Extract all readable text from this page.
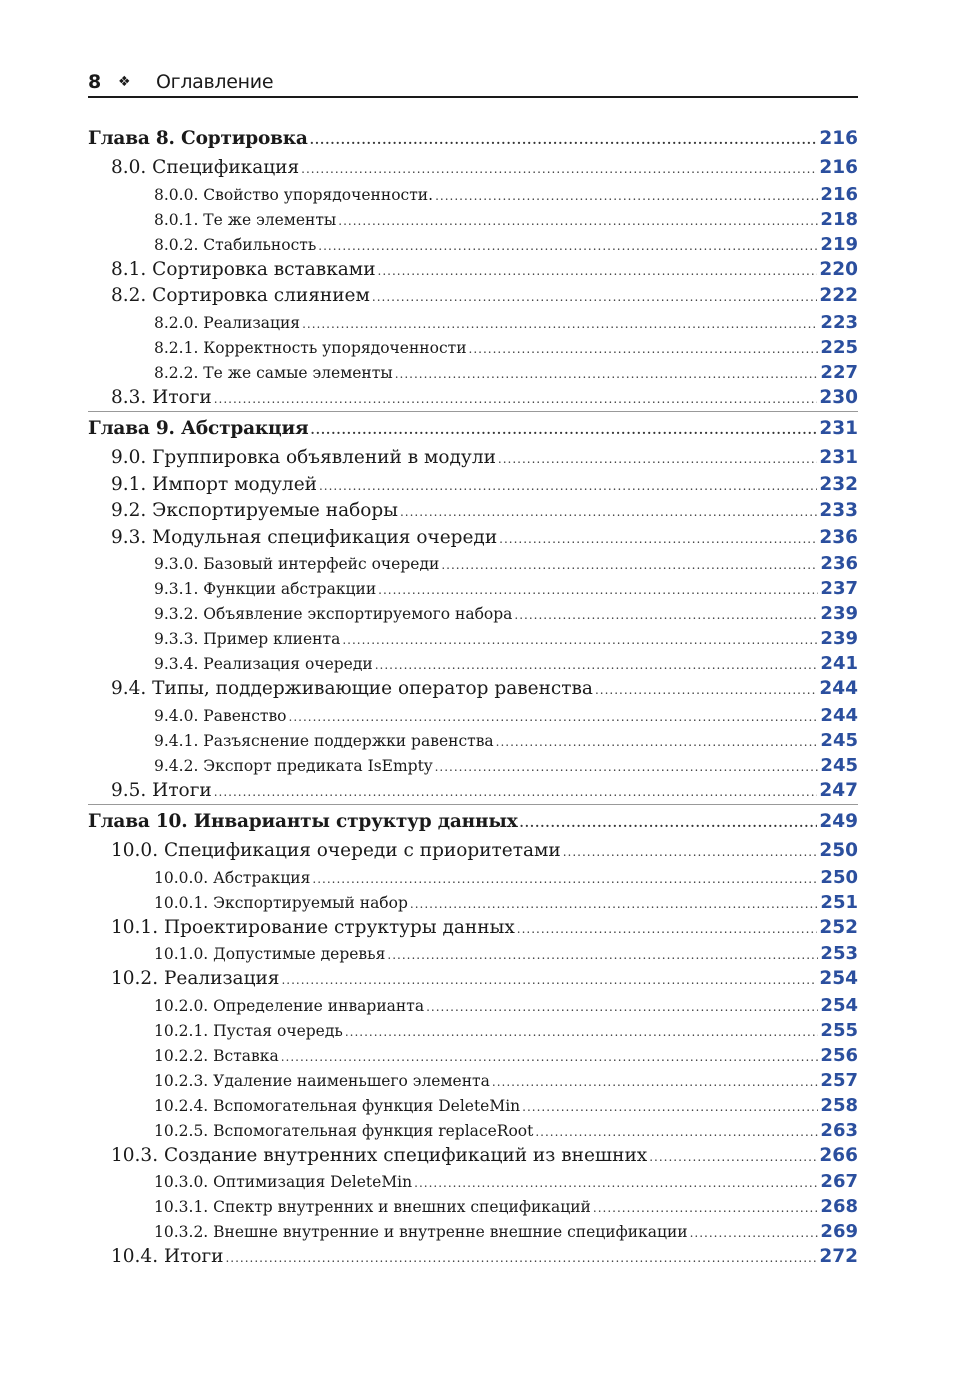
8	❖	Оглавление
Глава 8. Сортировка .....	216
8.0. Спецификация .....	216
8.0.0. Свойство упорядоченности. .....	216
8.0.1. Те же элементы .....	218
8.0.2. Стабильность .....	219
8.1. Сортировка вставками .....	220
8.2. Сортировка слиянием .....	222
8.2.0. Реализация .....	223
8.2.1. Корректность упорядоченности .....	225
8.2.2. Те же самые элементы .....	227
8.3. Итоги .....	230
Глава 9. Абстракция .....	231
9.0. Группировка объявлений в модули .....	231
9.1. Импорт модулей .....	232
9.2. Экспортируемые наборы .....	233
9.3. Модульная спецификация очереди .....	236
9.3.0. Базовый интерфейс очереди .....	236
9.3.1. Функции абстракции .....	237
9.3.2. Объявление экспортируемого набора .....	239
9.3.3. Пример клиента .....	239
9.3.4. Реализация очереди .....	241
9.4. Типы, поддерживающие оператор равенства .....	244
9.4.0. Равенство .....	244
9.4.1. Разъяснение поддержки равенства .....	245
9.4.2. Экспорт предиката IsEmpty .....	245
9.5. Итоги .....	247
Глава 10. Инварианты структур данных .....	249
10.0. Спецификация очереди с приоритетами .....	250
10.0.0. Абстракция .....	250
10.0.1. Экспортируемый набор .....	251
10.1. Проектирование структуры данных .....	252
10.1.0. Допустимые деревья .....	253
10.2. Реализация .....	254
10.2.0. Определение инварианта .....	254
10.2.1. Пустая очередь .....	255
10.2.2. Вставка .....	256
10.2.3. Удаление наименьшего элемента .....	257
10.2.4. Вспомогательная функция DeleteMin .....	258
10.2.5. Вспомогательная функция replaceRoot .....	263
10.3. Создание внутренних спецификаций из внешних .....	266
10.3.0. Оптимизация DeleteMin .....	267
10.3.1. Спектр внутренних и внешних спецификаций .....	268
10.3.2. Внешне внутренние и внутренне внешние спецификации .....	269
10.4. Итоги .....	272
